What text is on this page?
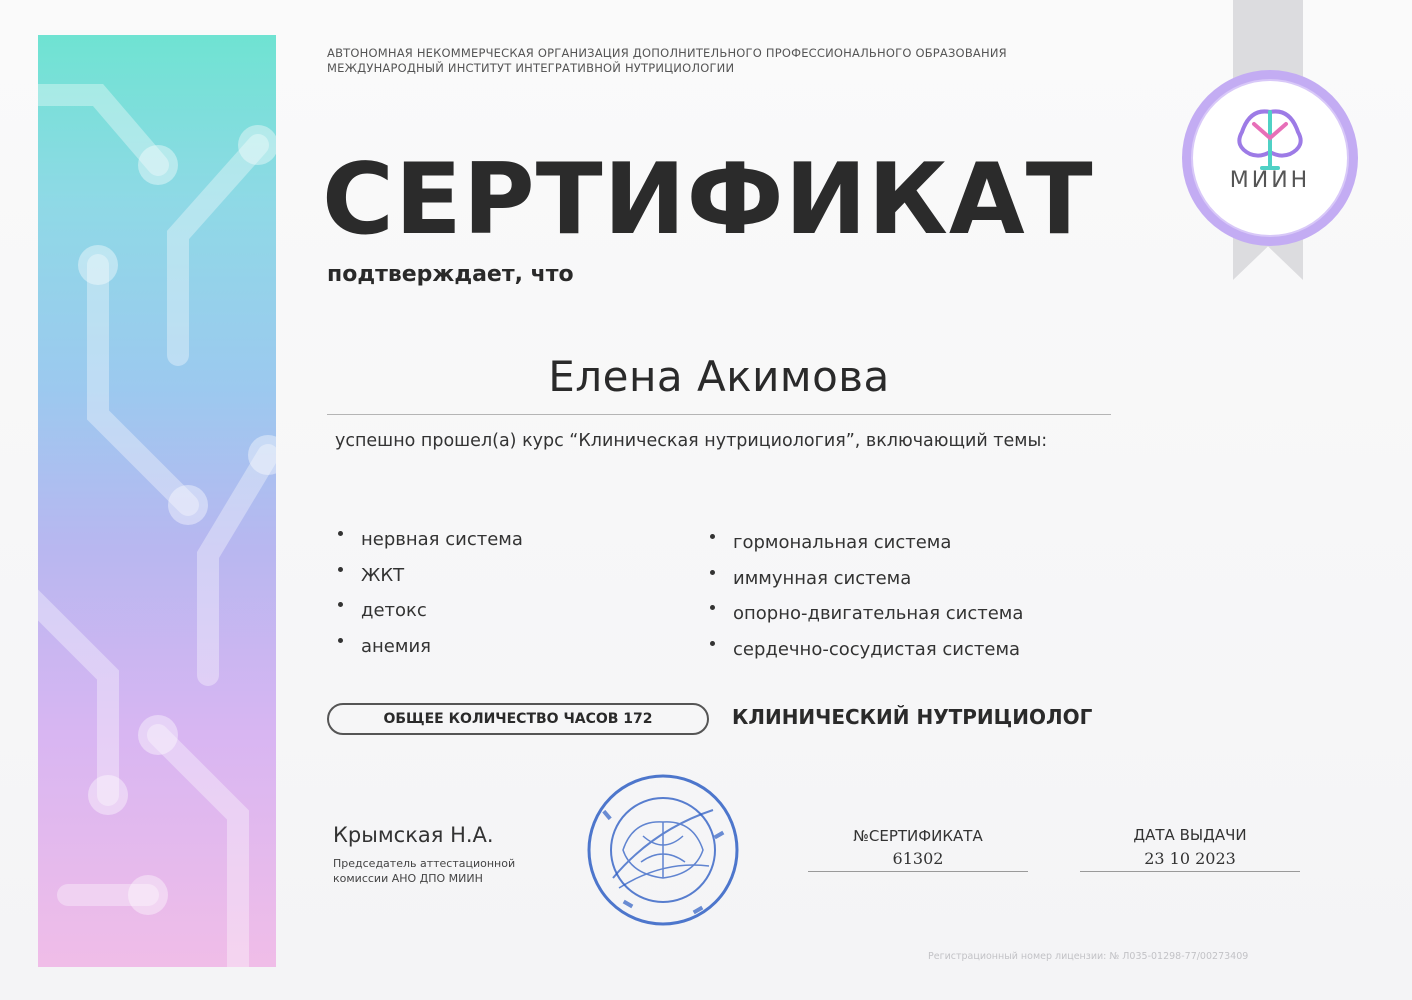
МИИН
АВТОНОМНАЯ НЕКОММЕРЧЕСКАЯ ОРГАНИЗАЦИЯ ДОПОЛНИТЕЛЬНОГО ПРОФЕССИОНАЛЬНОГО ОБРАЗОВАНИЯ
МЕЖДУНАРОДНЫЙ ИНСТИТУТ ИНТЕГРАТИВНОЙ НУТРИЦИОЛОГИИ
СЕРТИФИКАТ
подтверждает, что
Елена Акимова
успешно прошел(а) курс “Клиническая нутрициология”, включающий темы:
нервная система
ЖКТ
детокс
анемия
гормональная система
иммунная система
опорно-двигательная система
сердечно-сосудистая система
ОБЩЕЕ КОЛИЧЕСТВО ЧАСОВ 172	КЛИНИЧЕСКИЙ НУТРИЦИОЛОГ
Крымская Н.А.
Председатель аттестационной
комиссии АНО ДПО МИИН
№СЕРТИФИКАТА
61302
ДАТА ВЫДАЧИ
23 10 2023
Регистрационный номер лицензии: № Л035-01298-77/00273409
